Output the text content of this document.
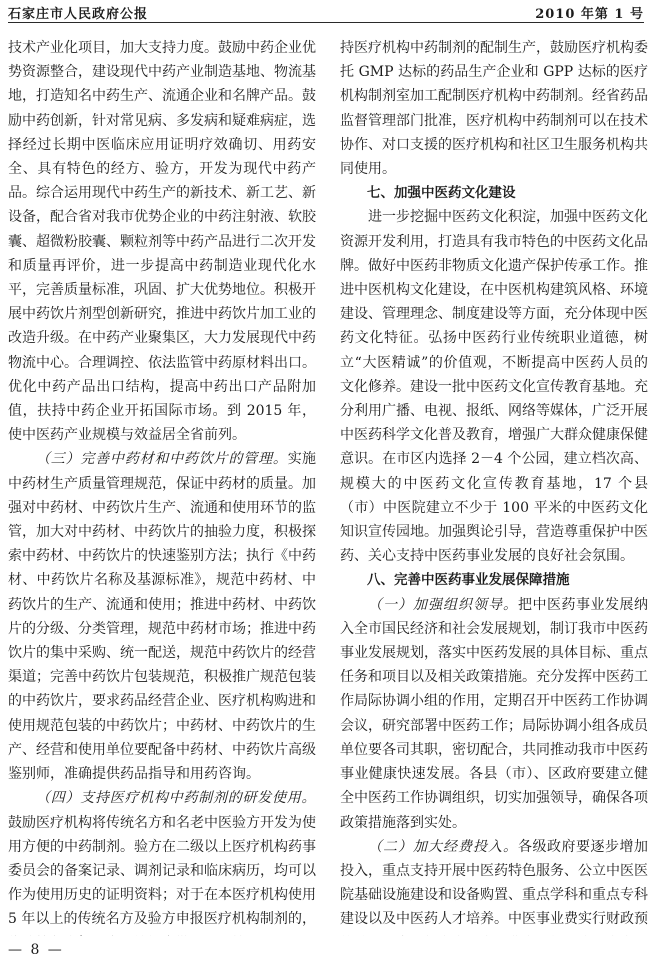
石家庄市人民政府公报	2010 年第 1 号

技术产业化项目，加大支持力度。鼓励中药企业优势资源整合，建设现代中药产业制造基地、物流基地，打造知名中药生产、流通企业和名牌产品。鼓励中药创新，针对常见病、多发病和疑难病症，选择经过长期中医临床应用证明疗效确切、用药安全、具有特色的经方、验方，开发为现代中药产品。综合运用现代中药生产的新技术、新工艺、新设备，配合省对我市优势企业的中药注射液、软胶囊、超微粉胶囊、颗粒剂等中药产品进行二次开发和质量再评价，进一步提高中药制造业现代化水平，完善质量标准，巩固、扩大优势地位。积极开展中药饮片剂型创新研究，推进中药饮片加工业的改造升级。在中药产业聚集区，大力发展现代中药物流中心。合理调控、依法监管中药原材料出口。优化中药产品出口结构，提高中药出口产品附加值，扶持中药企业开拓国际市场。到 2015 年，使中医药产业规模与效益居全省前列。

（三）完善中药材和中药饮片的管理。实施中药材生产质量管理规范，保证中药材的质量。加强对中药材、中药饮片生产、流通和使用环节的监管，加大对中药材、中药饮片的抽验力度，积极探索中药材、中药饮片的快速鉴别方法；执行《中药材、中药饮片名称及基源标准》，规范中药材、中药饮片的生产、流通和使用；推进中药材、中药饮片的分级、分类管理，规范中药材市场；推进中药饮片的集中采购、统一配送，规范中药饮片的经营渠道；完善中药饮片包装规范，积极推广规范包装的中药饮片，要求药品经营企业、医疗机构购进和使用规范包装的中药饮片；中药材、中药饮片的生产、经营和使用单位要配备中药材、中药饮片高级鉴别师，准确提供药品指导和用药咨询。

（四）支持医疗机构中药制剂的研发使用。鼓励医疗机构将传统名方和名老中医验方开发为使用方便的中药制剂。验方在二级以上医疗机构药事委员会的备案记录、调剂记录和临床病历，均可以作为使用历史的证明资料；对于在本医疗机构使用 5 年以上的传统名方及验方申报医疗机构制剂的，

持医疗机构中药制剂的配制生产，鼓励医疗机构委托 GMP 达标的药品生产企业和 GPP 达标的医疗机构制剂室加工配制医疗机构中药制剂。经省药品监督管理部门批准，医疗机构中药制剂可以在技术协作、对口支援的医疗机构和社区卫生服务机构共同使用。

七、加强中医药文化建设

进一步挖掘中医药文化积淀，加强中医药文化资源开发利用，打造具有我市特色的中医药文化品牌。做好中医药非物质文化遗产保护传承工作。推进中医机构文化建设，在中医机构建筑风格、环境建设、管理理念、制度建设等方面，充分体现中医药文化特征。弘扬中医药行业传统职业道德，树立“大医精诚”的价值观，不断提高中医药人员的文化修养。建设一批中医药文化宣传教育基地。充分利用广播、电视、报纸、网络等媒体，广泛开展中医药科学文化普及教育，增强广大群众健康保健意识。在市区内选择 2－4 个公园，建立档次高、规模大的中医药文化宣传教育基地，17 个县（市）中医院建立不少于 100 平米的中医药文化知识宣传园地。加强舆论引导，营造尊重保护中医药、关心支持中医药事业发展的良好社会氛围。

八、完善中医药事业发展保障措施

（一）加强组织领导。把中医药事业发展纳入全市国民经济和社会发展规划，制订我市中医药事业发展规划，落实中医药发展的具体目标、重点任务和项目以及相关政策措施。充分发挥中医药工作局际协调小组的作用，定期召开中医药工作协调会议，研究部署中医药工作；局际协调小组各成员单位要各司其职，密切配合，共同推动我市中医药事业健康快速发展。各县（市）、区政府要建立健全中医药工作协调组织，切实加强领导，确保各项政策措施落到实处。

（二）加大经费投入。各级政府要逐步增加投入，重点支持开展中医药特色服务、公立中医医院基础设施建设和设备购置、重点学科和重点专科建设以及中医药人才培养。中医事业费实行财政预

— 8 —
